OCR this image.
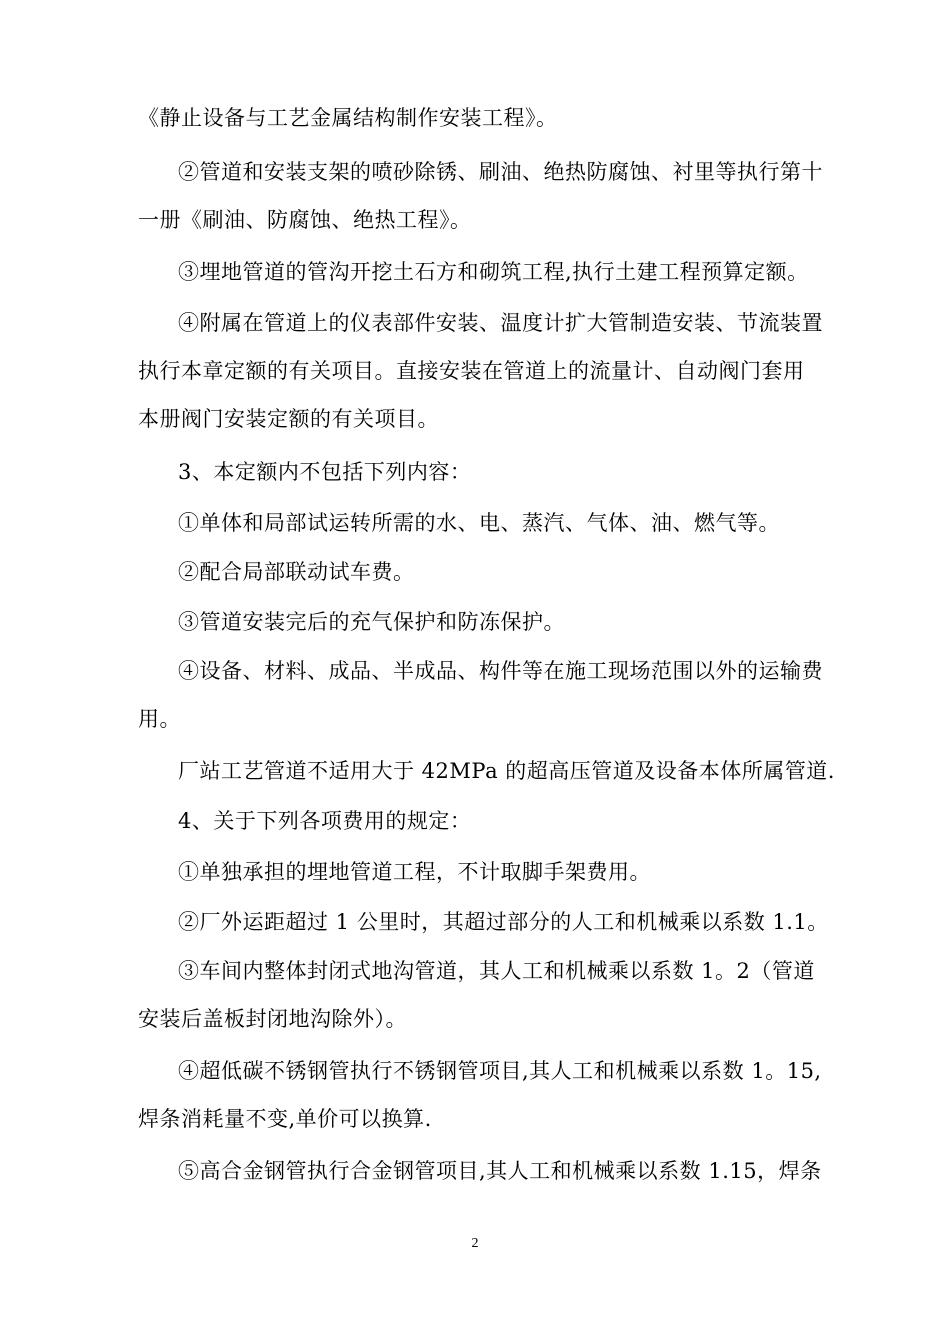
《静止设备与工艺金属结构制作安装工程》。
②管道和安装支架的喷砂除锈、刷油、绝热防腐蚀、衬里等执行第十
一册《刷油、防腐蚀、绝热工程》。
③埋地管道的管沟开挖土石方和砌筑工程,执行土建工程预算定额。
④附属在管道上的仪表部件安装、温度计扩大管制造安装、节流装置
执行本章定额的有关项目。直接安装在管道上的流量计、自动阀门套用
本册阀门安装定额的有关项目。
3、本定额内不包括下列内容：
①单体和局部试运转所需的水、电、蒸汽、气体、油、燃气等。
②配合局部联动试车费。
③管道安装完后的充气保护和防冻保护。
④设备、材料、成品、半成品、构件等在施工现场范围以外的运输费
用。
厂站工艺管道不适用大于 42MPa 的超高压管道及设备本体所属管道.
4、关于下列各项费用的规定：
①单独承担的埋地管道工程，不计取脚手架费用。
②厂外运距超过 1 公里时，其超过部分的人工和机械乘以系数 1.1。
③车间内整体封闭式地沟管道，其人工和机械乘以系数 1。2（管道
安装后盖板封闭地沟除外）。
④超低碳不锈钢管执行不锈钢管项目,其人工和机械乘以系数 1。15,
焊条消耗量不变,单价可以换算.
⑤高合金钢管执行合金钢管项目,其人工和机械乘以系数 1.15，焊条
2
